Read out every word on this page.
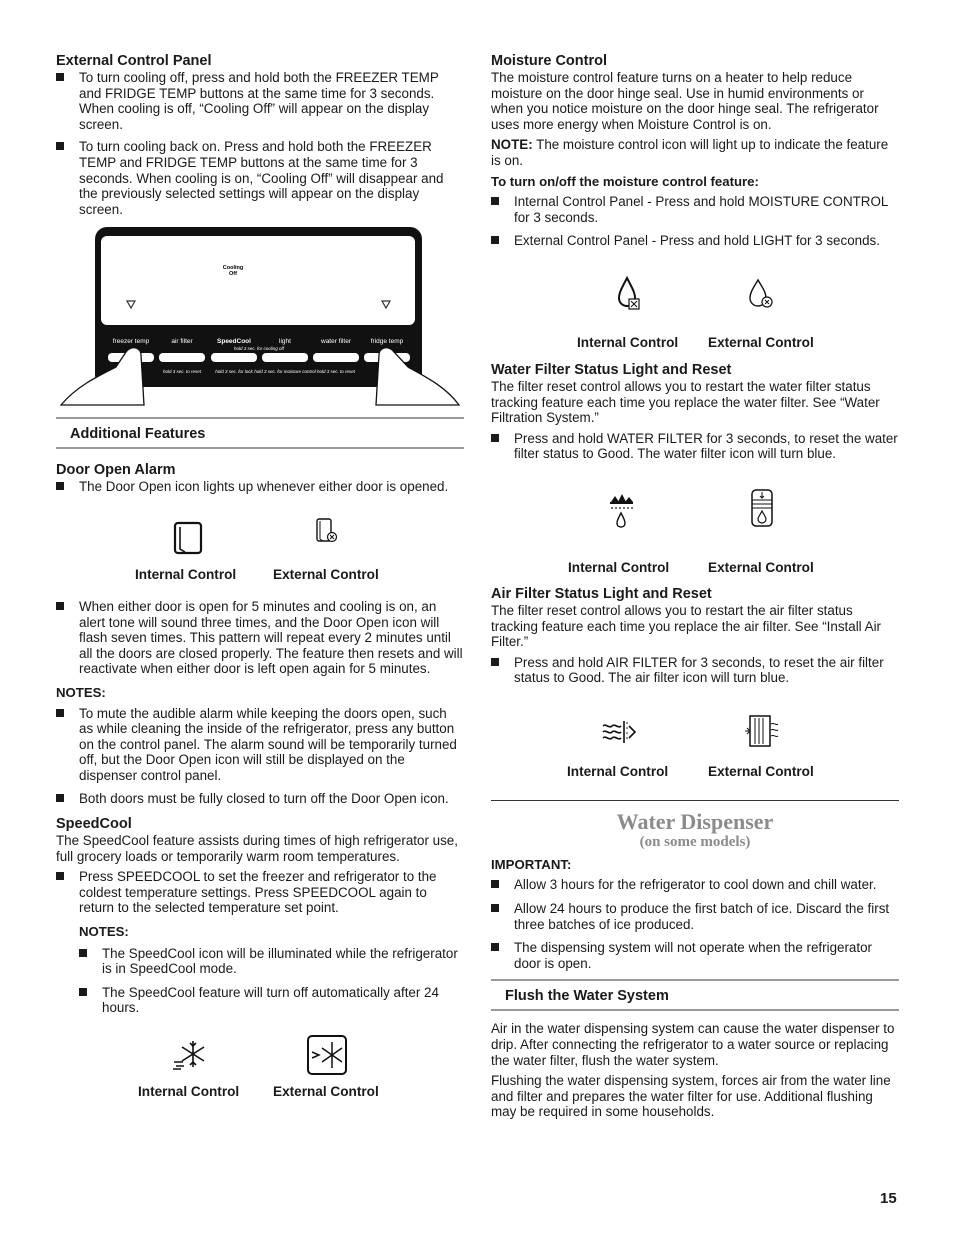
External Control Panel
To turn cooling off, press and hold both the FREEZER TEMP and FRIDGE TEMP buttons at the same time for 3 seconds. When cooling is off, “Cooling Off” will appear on the display screen.
To turn cooling back on. Press and hold both the FREEZER TEMP and FRIDGE TEMP buttons at the same time for 3 seconds. When cooling is on, “Cooling Off” will disappear and the previously selected settings will appear on the display screen.
Cooling
Off
freezer temp	air filter	SpeedCool	light	water filter	fridge temp
hold 3 sec. for cooling off
hold 3 sec. to reset	hold 3 sec. for lock hold 3 sec. for moisture control hold 3 sec. to reset
Additional Features
Door Open Alarm
The Door Open icon lights up whenever either door is opened.
Internal Control	External Control
When either door is open for 5 minutes and cooling is on, an alert tone will sound three times, and the Door Open icon will flash seven times. This pattern will repeat every 2 minutes until all the doors are closed properly. The feature then resets and will reactivate when either door is left open again for 5 minutes.

NOTES:

To mute the audible alarm while keeping the doors open, such as while cleaning the inside of the refrigerator, press any button on the control panel. The alarm sound will be temporarily turned off, but the Door Open icon will still be displayed on the dispenser control panel.
Both doors must be fully closed to turn off the Door Open icon.
SpeedCool

The SpeedCool feature assists during times of high refrigerator use, full grocery loads or temporarily warm room temperatures.

Press SPEEDCOOL to set the freezer and refrigerator to the coldest temperature settings. Press SPEEDCOOL again to return to the selected temperature set point.

NOTES:

The SpeedCool icon will be illuminated while the refrigerator is in SpeedCool mode.
The SpeedCool feature will turn off automatically after 24 hours.
Internal Control External Control
Moisture Control

The moisture control feature turns on a heater to help reduce moisture on the door hinge seal. Use in humid environments or when you notice moisture on the door hinge seal. The refrigerator uses more energy when Moisture Control is on.

NOTE: The moisture control icon will light up to indicate the feature is on.

To turn on/off the moisture control feature:

Internal Control Panel - Press and hold MOISTURE CONTROL for 3 seconds.
External Control Panel - Press and hold LIGHT for 3 seconds.
Internal Control External Control
Water Filter Status Light and Reset

The filter reset control allows you to restart the water filter status tracking feature each time you replace the water filter. See “Water Filtration System.”

Press and hold WATER FILTER for 3 seconds, to reset the water filter status to Good. The water filter icon will turn blue.
Internal Control	External Control
Air Filter Status Light and Reset

The filter reset control allows you to restart the air filter status tracking feature each time you replace the air filter. See “Install Air Filter.”

Press and hold AIR FILTER for 3 seconds, to reset the air filter status to Good. The air filter icon will turn blue.
Internal Control	External Control
Water Dispenser
(on some models)

IMPORTANT:

Allow 3 hours for the refrigerator to cool down and chill water.
Allow 24 hours to produce the first batch of ice. Discard the first three batches of ice produced.
The dispensing system will not operate when the refrigerator door is open.
Flush the Water System

Air in the water dispensing system can cause the water dispenser to drip. After connecting the refrigerator to a water source or replacing the water filter, flush the water system.

Flushing the water dispensing system, forces air from the water line and filter and prepares the water filter for use. Additional flushing may be required in some households.

15
